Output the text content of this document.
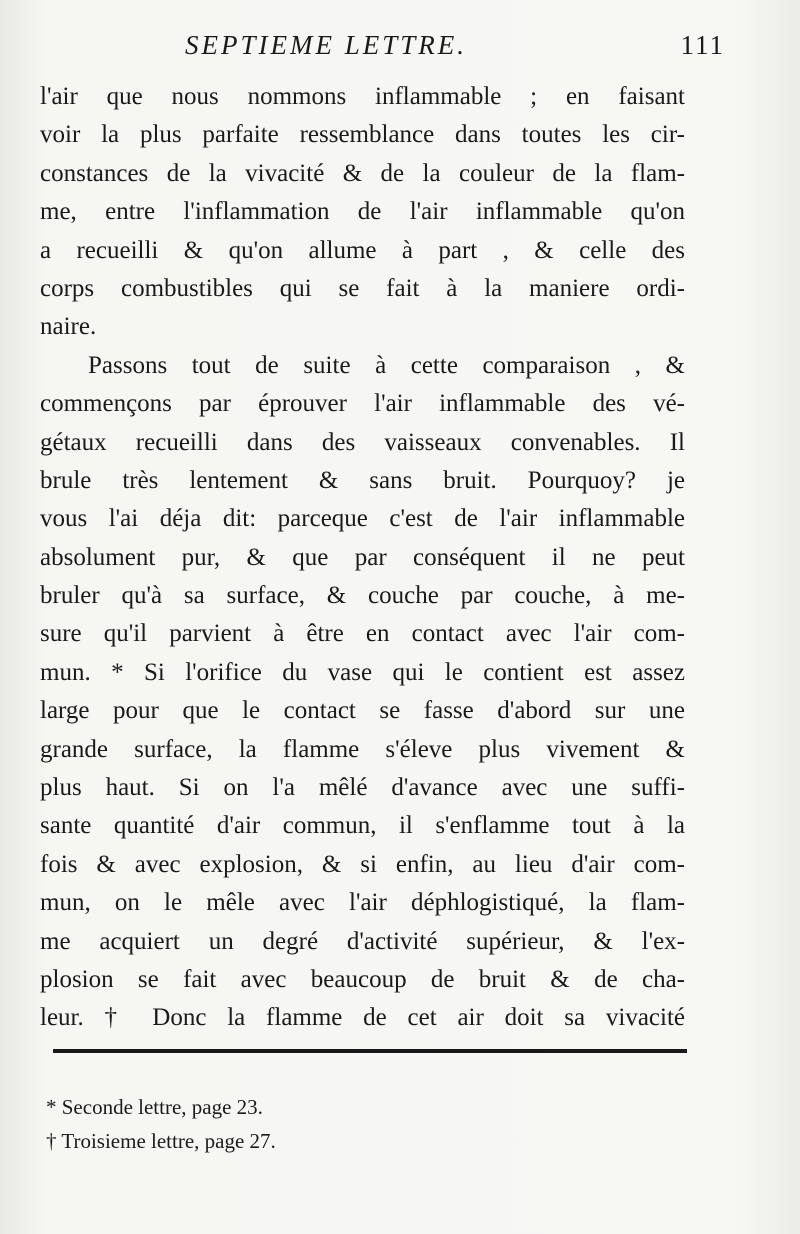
SEPTIEME LETTRE.	111
l'air que nous nommons inflammable ; en faisant
voir la plus parfaite ressemblance dans toutes les cir-
constances de la vivacité & de la couleur de la flam-
me, entre l'inflammation de l'air inflammable qu'on
a recueilli & qu'on allume à part , & celle des
corps combustibles qui se fait à la maniere ordi-
naire.
Passons tout de suite à cette comparaison , &
commençons par éprouver l'air inflammable des vé-
gétaux recueilli dans des vaisseaux convenables. Il
brule très lentement & sans bruit. Pourquoy? je
vous l'ai déja dit: parceque c'est de l'air inflammable
absolument pur, & que par conséquent il ne peut
bruler qu'à sa surface, & couche par couche, à me-
sure qu'il parvient à être en contact avec l'air com-
mun. * Si l'orifice du vase qui le contient est assez
large pour que le contact se fasse d'abord sur une
grande surface, la flamme s'éleve plus vivement &
plus haut. Si on l'a mêlé d'avance avec une suffi-
sante quantité d'air commun, il s'enflamme tout à la
fois & avec explosion, & si enfin, au lieu d'air com-
mun, on le mêle avec l'air déphlogistiqué, la flam-
me acquiert un degré d'activité supérieur, & l'ex-
plosion se fait avec beaucoup de bruit & de cha-
leur. † Donc la flamme de cet air doit sa vivacité
* Seconde lettre, page 23.
† Troisieme lettre, page 27.
